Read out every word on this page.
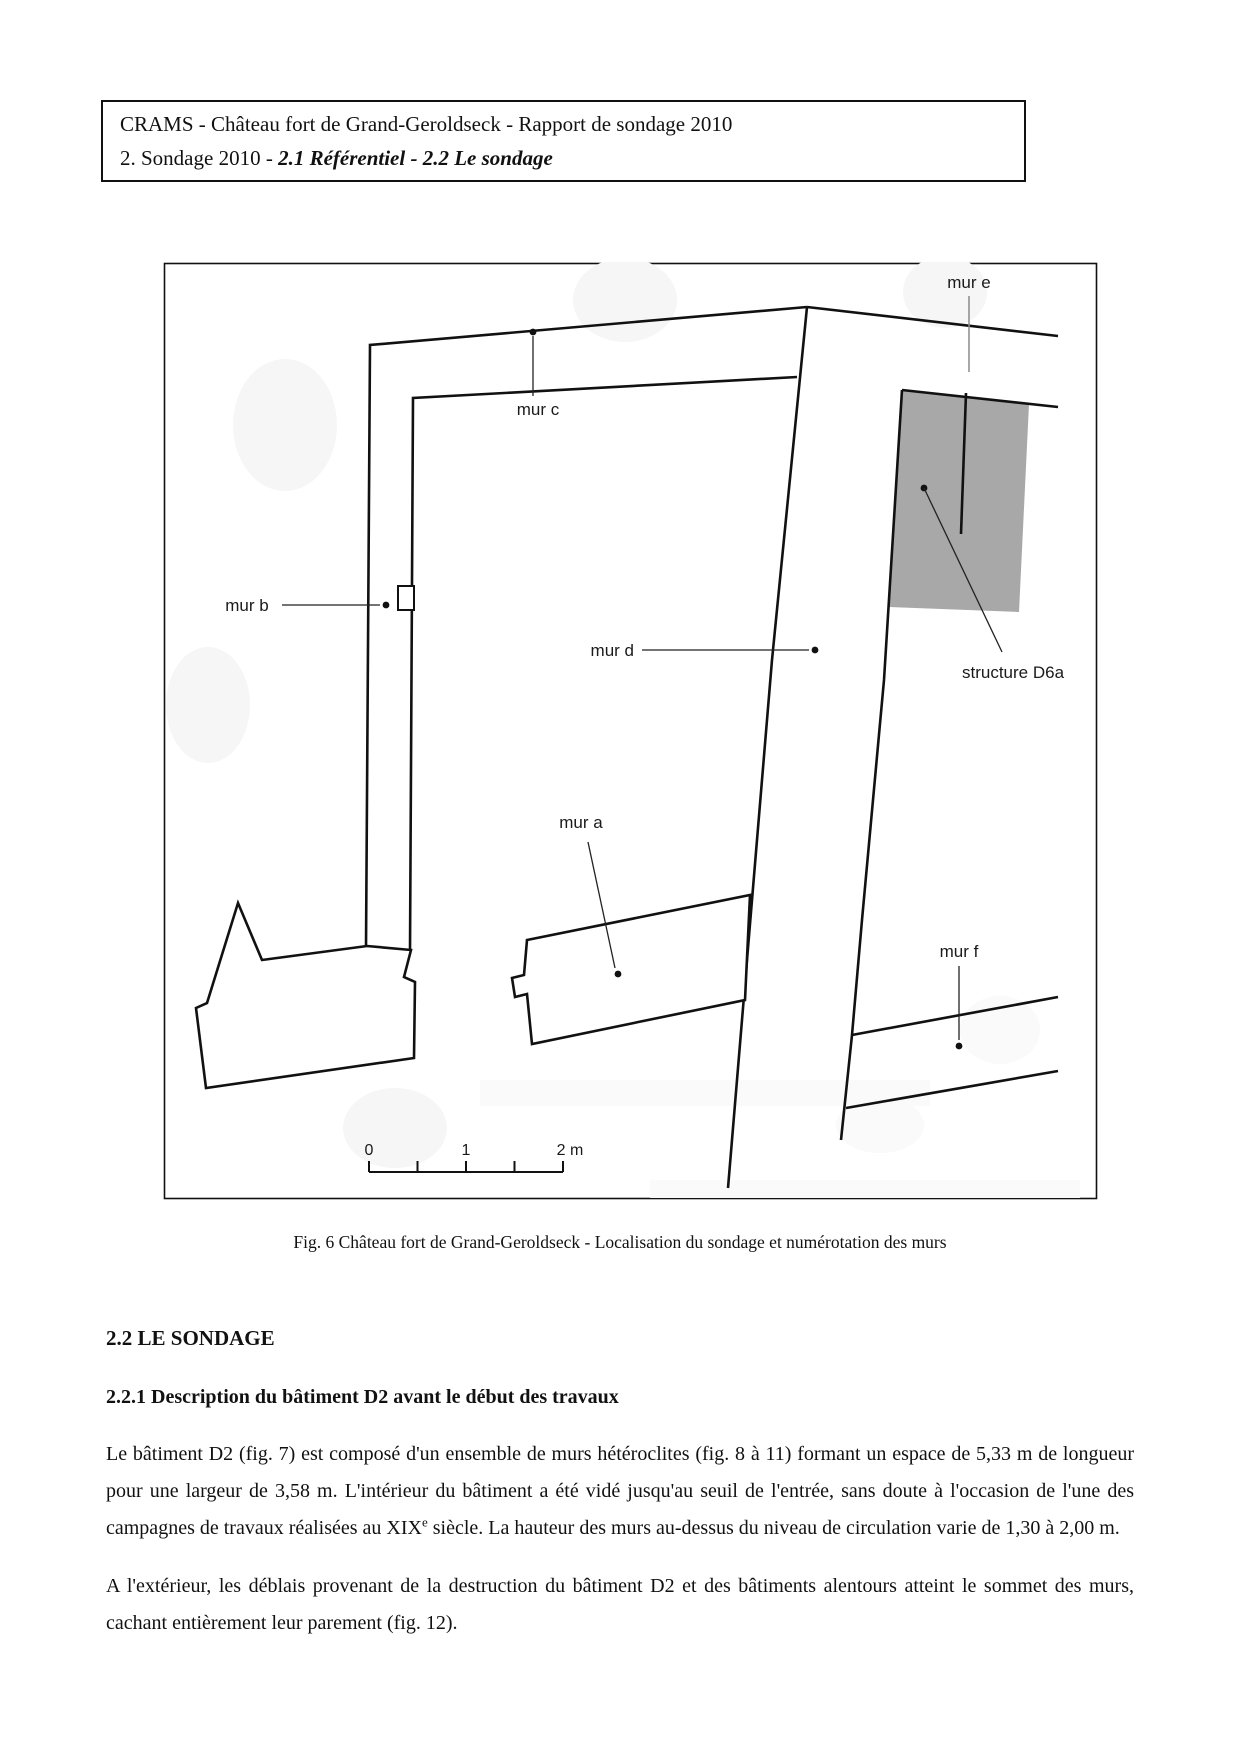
CRAMS - Château fort de Grand-Geroldseck - Rapport de sondage 2010
2. Sondage 2010 - 2.1 Référentiel - 2.2 Le sondage
mur e
mur c
mur b
mur d
mur a
structure D6a
mur f
0	1	2 m
Fig. 6 Château fort de Grand-Geroldseck - Localisation du sondage et numérotation des murs
2.2 LE SONDAGE
2.2.1 Description du bâtiment D2 avant le début des travaux

Le bâtiment D2 (fig. 7) est composé d'un ensemble de murs hétéroclites (fig. 8 à 11) formant un espace de 5,33 m de longueur pour une largeur de 3,58 m. L'intérieur du bâtiment a été vidé jusqu'au seuil de l'entrée, sans doute à l'occasion de l'une des campagnes de travaux réalisées au XIXe siècle. La hauteur des murs au-dessus du niveau de circulation varie de 1,30 à 2,00 m.

A l'extérieur, les déblais provenant de la destruction du bâtiment D2 et des bâtiments alentours atteint le sommet des murs, cachant entièrement leur parement (fig. 12).
